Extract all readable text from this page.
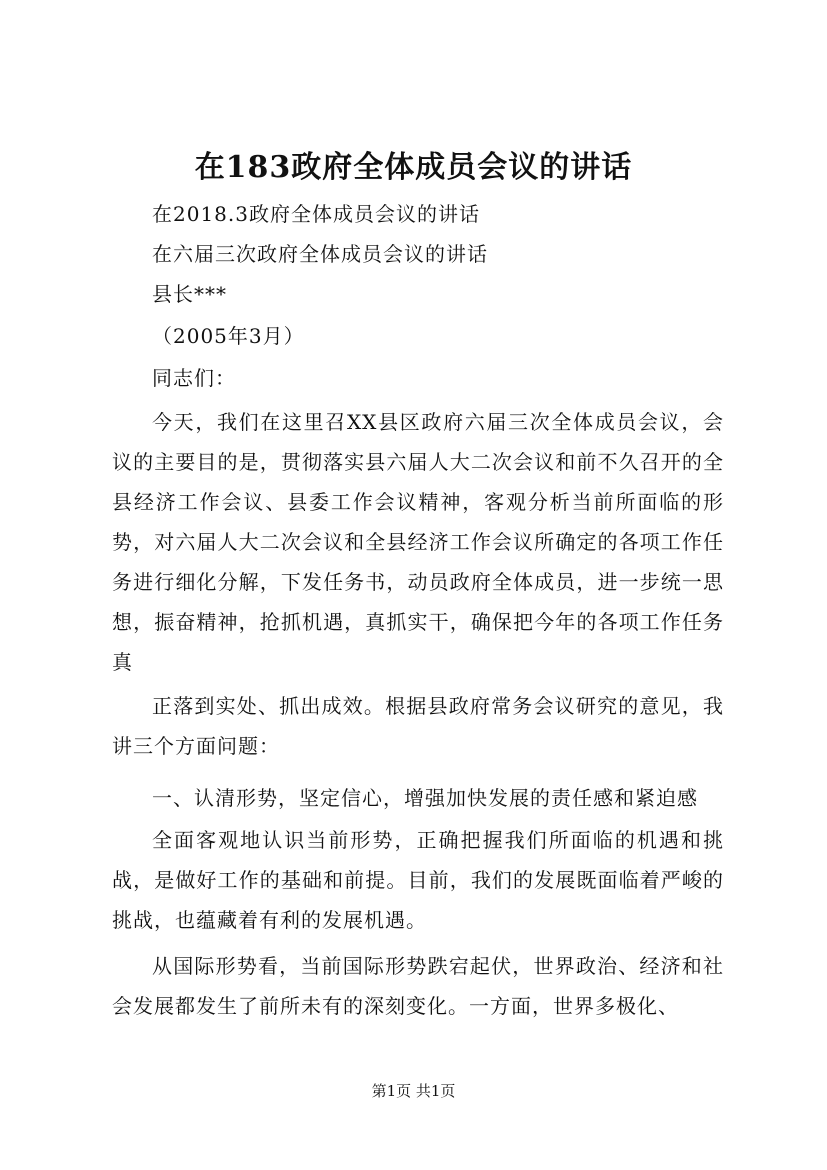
在183政府全体成员会议的讲话

在2018.3政府全体成员会议的讲话

在六届三次政府全体成员会议的讲话

县长***

（2005年3月）

同志们：

今天，我们在这里召XX县区政府六届三次全体成员会议，会议的主要目的是，贯彻落实县六届人大二次会议和前不久召开的全县经济工作会议、县委工作会议精神，客观分析当前所面临的形势，对六届人大二次会议和全县经济工作会议所确定的各项工作任务进行细化分解，下发任务书，动员政府全体成员，进一步统一思想，振奋精神，抢抓机遇，真抓实干，确保把今年的各项工作任务真

正落到实处、抓出成效。根据县政府常务会议研究的意见，我讲三个方面问题：

一、认清形势，坚定信心，增强加快发展的责任感和紧迫感

全面客观地认识当前形势，正确把握我们所面临的机遇和挑战，是做好工作的基础和前提。目前，我们的发展既面临着严峻的挑战，也蕴藏着有利的发展机遇。

从国际形势看，当前国际形势跌宕起伏，世界政治、经济和社会发展都发生了前所未有的深刻变化。一方面，世界多极化、

第1页 共1页
